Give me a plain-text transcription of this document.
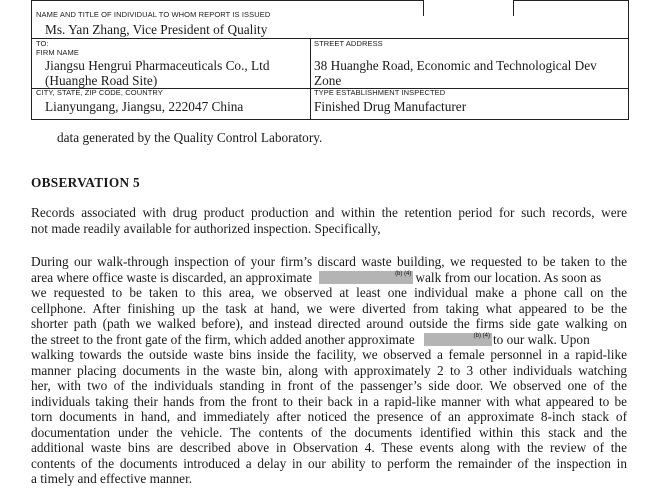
NAME AND TITLE OF INDIVIDUAL TO WHOM REPORT IS ISSUED
Ms. Yan Zhang, Vice President of Quality
TO:
FIRM NAME
Jiangsu Hengrui Pharmaceuticals Co., Ltd
(Huanghe Road Site)
STREET ADDRESS
38 Huanghe Road, Economic and Technological Dev
Zone
CITY, STATE, ZIP CODE, COUNTRY
Lianyungang, Jiangsu, 222047 China
TYPE ESTABLISHMENT INSPECTED
Finished Drug Manufacturer
data generated by the Quality Control Laboratory.
OBSERVATION 5
Records associated with drug product production and within the retention period for such records, were
not made readily available for authorized inspection. Specifically,
During our walk-through inspection of your firm’s discard waste building, we requested to be taken to the
area where office waste is discarded, an approximate	(b) (4) walk from our location. As soon as
we requested to be taken to this area, we observed at least one individual make a phone call on the
cellphone. After finishing up the task at hand, we were diverted from taking what appeared to be the
shorter path (path we walked before), and instead directed around outside the firms side gate walking on
the street to the front gate of the firm, which added another approximate	(b) (4) to our walk. Upon
walking towards the outside waste bins inside the facility, we observed a female personnel in a rapid-like
manner placing documents in the waste bin, along with approximately 2 to 3 other individuals watching
her, with two of the individuals standing in front of the passenger’s side door. We observed one of the
individuals taking their hands from the front to their back in a rapid-like manner with what appeared to be
torn documents in hand, and immediately after noticed the presence of an approximate 8-inch stack of
documentation under the vehicle. The contents of the documents identified within this stack and the
additional waste bins are described above in Observation 4. These events along with the review of the
contents of the documents introduced a delay in our ability to perform the remainder of the inspection in
a timely and effective manner.
